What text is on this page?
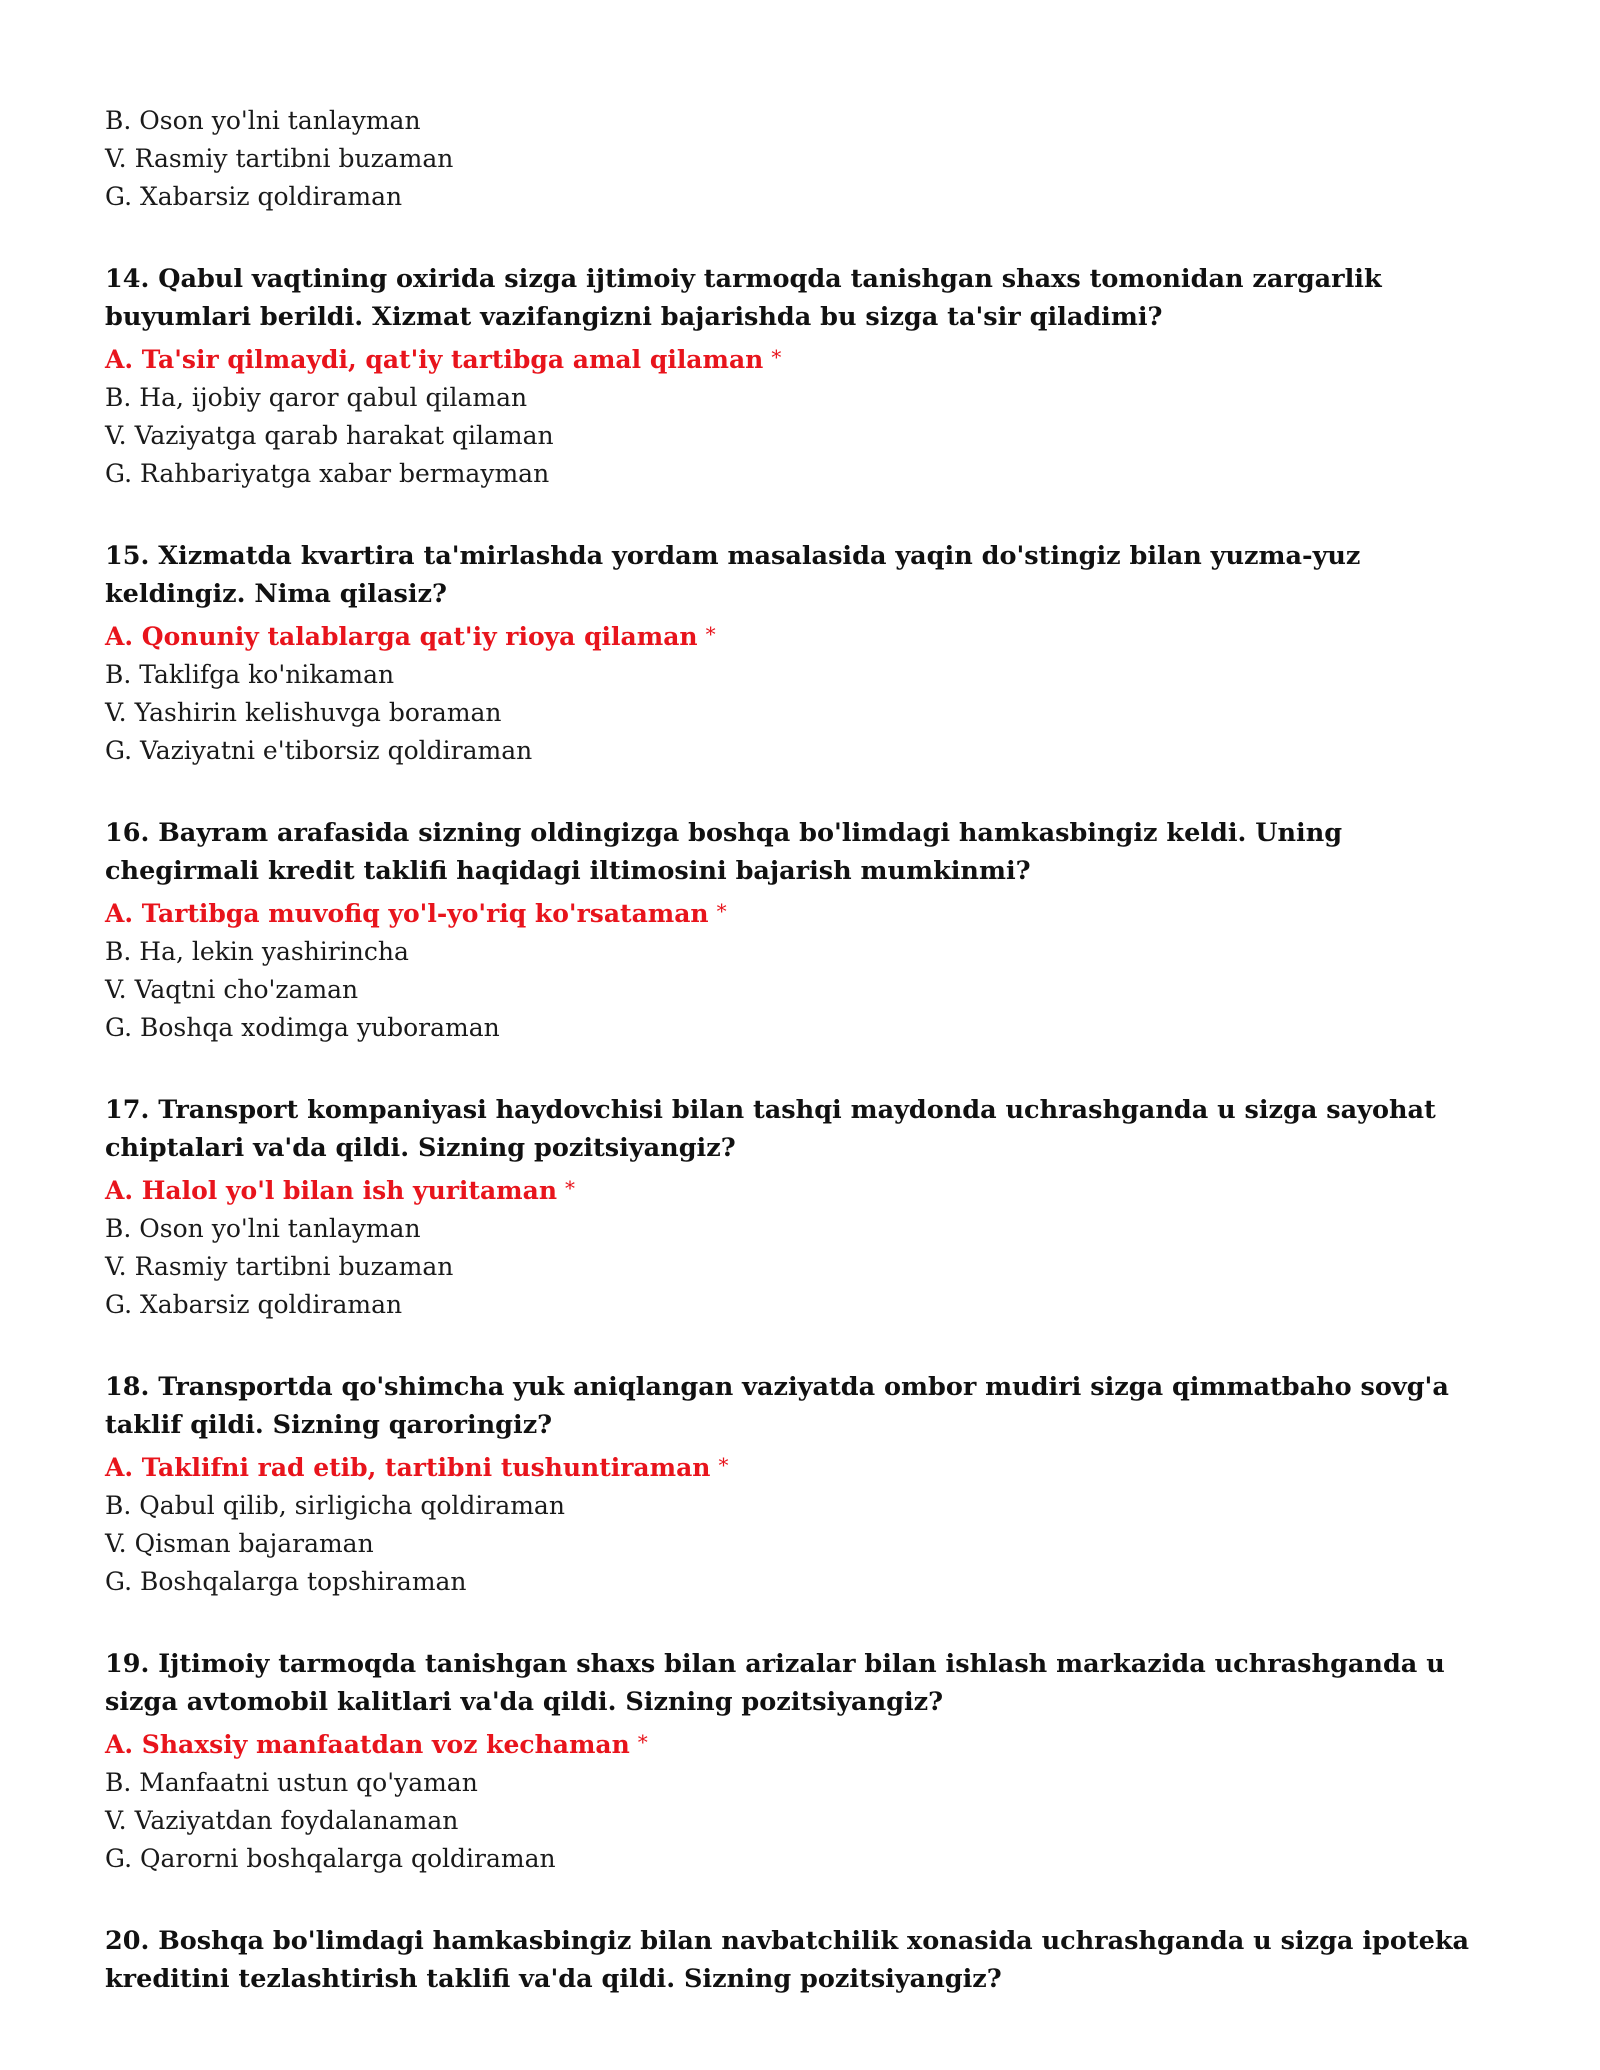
B. Oson yo'lni tanlayman
V. Rasmiy tartibni buzaman
G. Xabarsiz qoldiraman
14. Qabul vaqtining oxirida sizga ijtimoiy tarmoqda tanishgan shaxs tomonidan zargarlik buyumlari berildi. Xizmat vazifangizni bajarishda bu sizga ta'sir qiladimi?
A. Ta'sir qilmaydi, qat'iy tartibga amal qilaman *
B. Ha, ijobiy qaror qabul qilaman
V. Vaziyatga qarab harakat qilaman
G. Rahbariyatga xabar bermayman
15. Xizmatda kvartira ta'mirlashda yordam masalasida yaqin do'stingiz bilan yuzma-yuz keldingiz. Nima qilasiz?
A. Qonuniy talablarga qat'iy rioya qilaman *
B. Taklifga ko'nikaman
V. Yashirin kelishuvga boraman
G. Vaziyatni e'tiborsiz qoldiraman
16. Bayram arafasida sizning oldingizga boshqa bo'limdagi hamkasbingiz keldi. Uning chegirmali kredit taklifi haqidagi iltimosini bajarish mumkinmi?
A. Tartibga muvofiq yo'l-yo'riq ko'rsataman *
B. Ha, lekin yashirincha
V. Vaqtni cho'zaman
G. Boshqa xodimga yuboraman
17. Transport kompaniyasi haydovchisi bilan tashqi maydonda uchrashganda u sizga sayohat chiptalari va'da qildi. Sizning pozitsiyangiz?
A. Halol yo'l bilan ish yuritaman *
B. Oson yo'lni tanlayman
V. Rasmiy tartibni buzaman
G. Xabarsiz qoldiraman
18. Transportda qo'shimcha yuk aniqlangan vaziyatda ombor mudiri sizga qimmatbaho sovg'a taklif qildi. Sizning qaroringiz?
A. Taklifni rad etib, tartibni tushuntiraman *
B. Qabul qilib, sirligicha qoldiraman
V. Qisman bajaraman
G. Boshqalarga topshiraman
19. Ijtimoiy tarmoqda tanishgan shaxs bilan arizalar bilan ishlash markazida uchrashganda u sizga avtomobil kalitlari va'da qildi. Sizning pozitsiyangiz?
A. Shaxsiy manfaatdan voz kechaman *
B. Manfaatni ustun qo'yaman
V. Vaziyatdan foydalanaman
G. Qarorni boshqalarga qoldiraman
20. Boshqa bo'limdagi hamkasbingiz bilan navbatchilik xonasida uchrashganda u sizga ipoteka kreditini tezlashtirish taklifi va'da qildi. Sizning pozitsiyangiz?
